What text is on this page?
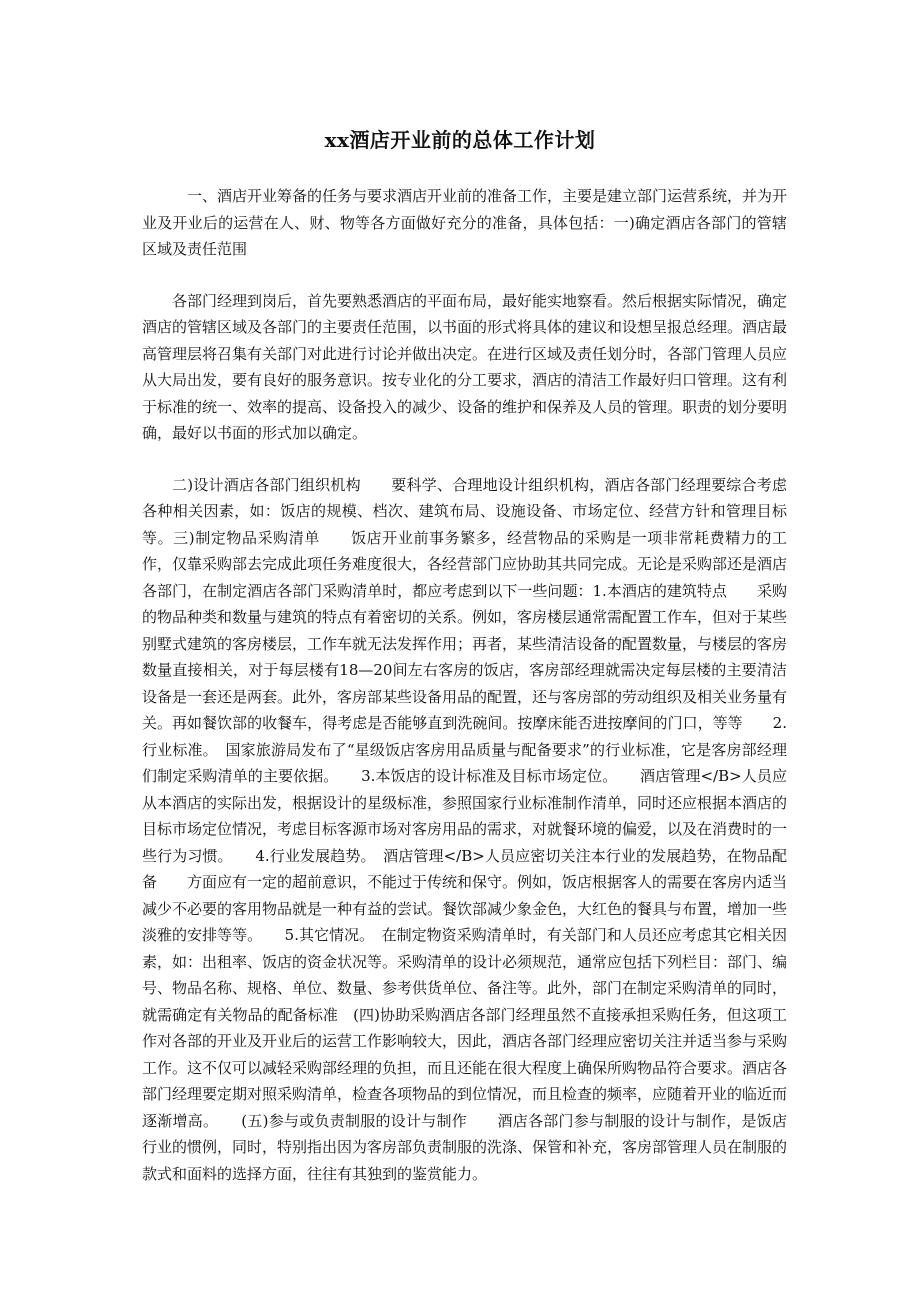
xx酒店开业前的总体工作计划

一、酒店开业筹备的任务与要求酒店开业前的准备工作，主要是建立部门运营系统，并为开业及开业后的运营在人、财、物等各方面做好充分的准备，具体包括：一)确定酒店各部门的管辖区域及责任范围

各部门经理到岗后，首先要熟悉酒店的平面布局，最好能实地察看。然后根据实际情况，确定酒店的管辖区域及各部门的主要责任范围，以书面的形式将具体的建议和设想呈报总经理。酒店最高管理层将召集有关部门对此进行讨论并做出决定。在进行区域及责任划分时，各部门管理人员应从大局出发，要有良好的服务意识。按专业化的分工要求，酒店的清洁工作最好归口管理。这有利于标准的统一、效率的提高、设备投入的减少、设备的维护和保养及人员的管理。职责的划分要明确，最好以书面的形式加以确定。

二)设计酒店各部门组织机构　　要科学、合理地设计组织机构，酒店各部门经理要综合考虑各种相关因素，如：饭店的规模、档次、建筑布局、设施设备、市场定位、经营方针和管理目标等。三)制定物品采购清单　　饭店开业前事务繁多，经营物品的采购是一项非常耗费精力的工作，仅靠采购部去完成此项任务难度很大，各经营部门应协助其共同完成。无论是采购部还是酒店各部门，在制定酒店各部门采购清单时，都应考虑到以下一些问题：1.本酒店的建筑特点　　采购的物品种类和数量与建筑的特点有着密切的关系。例如，客房楼层通常需配置工作车，但对于某些别墅式建筑的客房楼层，工作车就无法发挥作用；再者，某些清洁设备的配置数量，与楼层的客房数量直接相关，对于每层楼有18—20间左右客房的饭店，客房部经理就需决定每层楼的主要清洁设备是一套还是两套。此外，客房部某些设备用品的配置，还与客房部的劳动组织及相关业务量有关。再如餐饮部的收餐车，得考虑是否能够直到洗碗间。按摩床能否进按摩间的门口，等等　　2.行业标准。　国家旅游局发布了“星级饭店客房用品质量与配备要求”的行业标准，它是客房部经理们制定采购清单的主要依据。　　3.本饭店的设计标准及目标市场定位。　　酒店管理</B>人员应从本酒店的实际出发，根据设计的星级标准，参照国家行业标准制作清单，同时还应根据本酒店的目标市场定位情况，考虑目标客源市场对客房用品的需求，对就餐环境的偏爱，以及在消费时的一些行为习惯。　　4.行业发展趋势。　酒店管理</B>人员应密切关注本行业的发展趋势，在物品配备　　方面应有一定的超前意识，不能过于传统和保守。例如，饭店根据客人的需要在客房内适当减少不必要的客用物品就是一种有益的尝试。餐饮部减少象金色，大红色的餐具与布置，增加一些淡雅的安排等等。　　5.其它情况。　在制定物资采购清单时，有关部门和人员还应考虑其它相关因素，如：出租率、饭店的资金状况等。采购清单的设计必须规范，通常应包括下列栏目：部门、编号、物品名称、规格、单位、数量、参考供货单位、备注等。此外，部门在制定采购清单的同时，就需确定有关物品的配备标准　(四)协助采购酒店各部门经理虽然不直接承担采购任务，但这项工作对各部的开业及开业后的运营工作影响较大，因此，酒店各部门经理应密切关注并适当参与采购工作。这不仅可以减轻采购部经理的负担，而且还能在很大程度上确保所购物品符合要求。酒店各部门经理要定期对照采购清单，检查各项物品的到位情况，而且检查的频率，应随着开业的临近而逐渐增高。　　(五)参与或负责制服的设计与制作　　酒店各部门参与制服的设计与制作，是饭店行业的惯例，同时，特别指出因为客房部负责制服的洗涤、保管和补充，客房部管理人员在制服的款式和面料的选择方面，往往有其独到的鉴赏能力。
